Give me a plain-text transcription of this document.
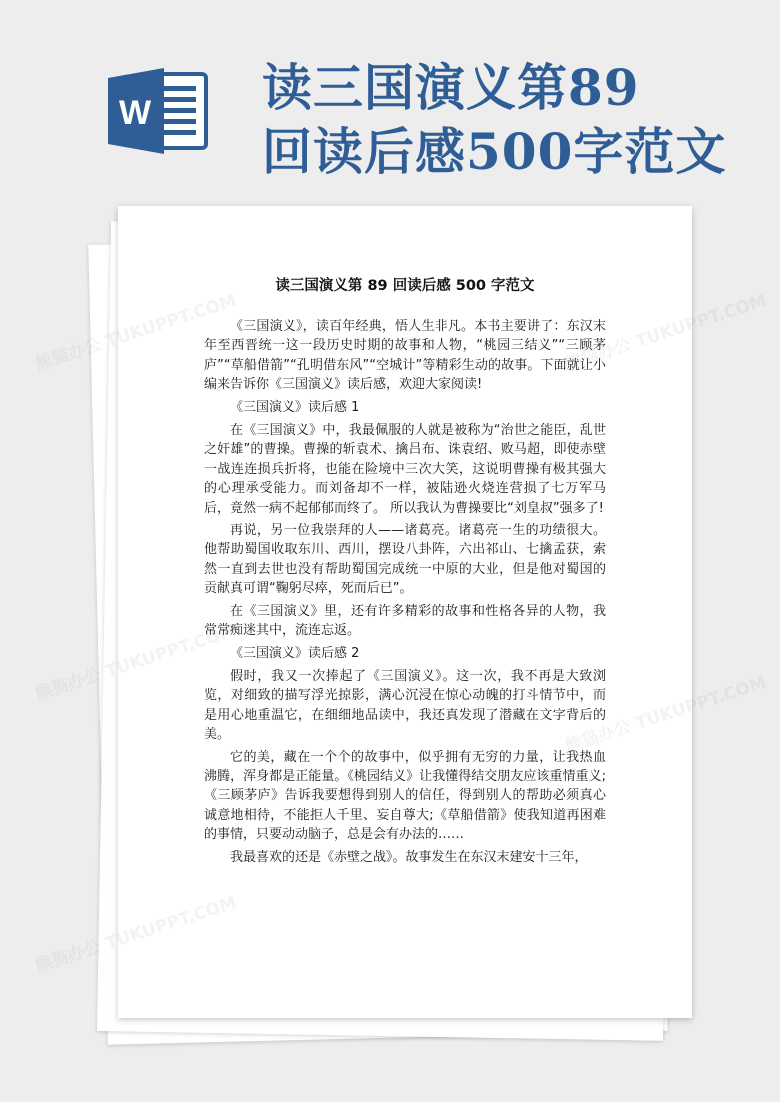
W 读三国演义第89
回读后感500字范文
读三国演义第 89 回读后感 500 字范文

《三国演义》，读百年经典，悟人生非凡。本书主要讲了：东汉末年至西晋统一这一段历史时期的故事和人物，“桃园三结义”“三顾茅庐”“草船借箭”“孔明借东风”“空城计”等精彩生动的故事。下面就让小编来告诉你《三国演义》读后感，欢迎大家阅读!

《三国演义》读后感 1

在《三国演义》中，我最佩服的人就是被称为“治世之能臣，乱世之奸雄”的曹操。曹操的斩袁术、擒吕布、诛袁绍、败马超，即使赤壁一战连连损兵折将，也能在险境中三次大笑，这说明曹操有极其强大的心理承受能力。而刘备却不一样，被陆逊火烧连营损了七万军马后，竟然一病不起郁郁而终了。 所以我认为曹操要比“刘皇叔”强多了!

再说，另一位我崇拜的人——诸葛亮。诸葛亮一生的功绩很大。他帮助蜀国收取东川、西川，摆设八卦阵，六出祁山、七擒孟获，索然一直到去世也没有帮助蜀国完成统一中原的大业，但是他对蜀国的贡献真可谓“鞠躬尽瘁，死而后已”。

在《三国演义》里，还有许多精彩的故事和性格各异的人物，我常常痴迷其中，流连忘返。

《三国演义》读后感 2

假时，我又一次捧起了《三国演义》。这一次，我不再是大致浏览，对细致的描写浮光掠影，满心沉浸在惊心动魄的打斗情节中，而是用心地重温它，在细细地品读中，我还真发现了潜藏在文字背后的美。

它的美，藏在一个个的故事中，似乎拥有无穷的力量，让我热血沸腾，浑身都是正能量。《桃园结义》让我懂得结交朋友应该重情重义;《三顾茅庐》告诉我要想得到别人的信任，得到别人的帮助必须真心诚意地相待，不能拒人千里、妄自尊大;《草船借箭》使我知道再困难的事情，只要动动脑子，总是会有办法的……

我最喜欢的还是《赤壁之战》。故事发生在东汉末建安十三年，

熊猫办公
熊猫办公
熊猫办公
TUKUPPT.COM
TUKUPPT.COM
